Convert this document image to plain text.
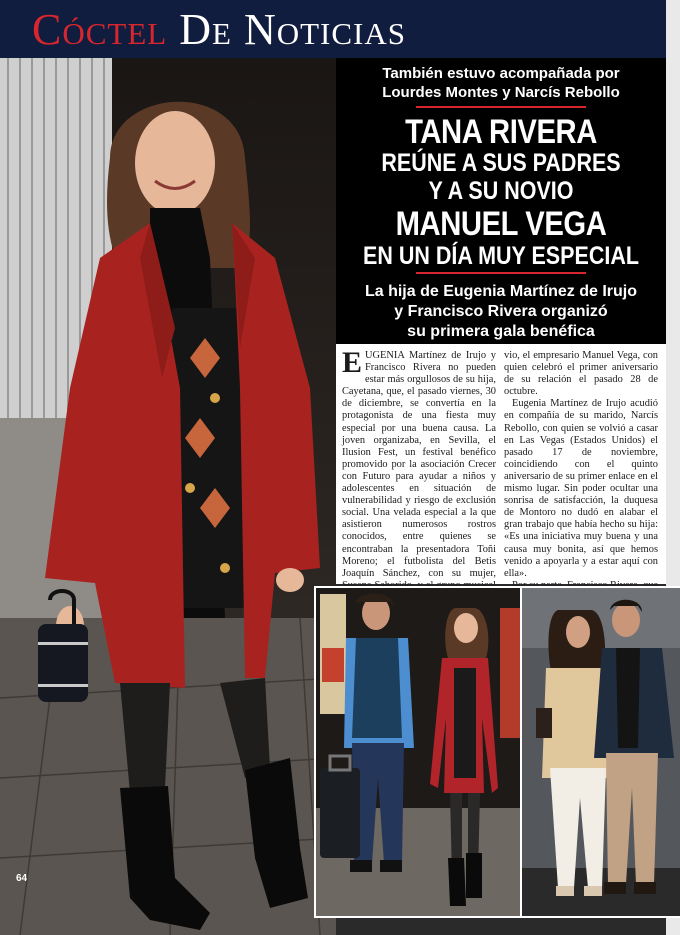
Cóctel De Noticias
También estuvo acompañada por
Lourdes Montes y Narcís Rebollo
TANA RIVERA
REÚNE A SUS PADRES
Y A SU NOVIO
MANUEL VEGA
EN UN DÍA MUY ESPECIAL
La hija de Eugenia Martínez de Irujo
y Francisco Rivera organizó
su primera gala benéfica

EUGENIA Martínez de Irujo y Francisco Rivera no pueden estar más orgullosos de su hija, Cayetana, que, el pasado viernes, 30 de diciembre, se convertía en la protagonista de una fiesta muy especial por una buena causa. La joven organizaba, en Sevilla, el Ilusion Fest, un festival benéfico promovido por la asociación Crecer con Futuro para ayudar a niños y adolescentes en situación de vulnerabilidad y riesgo de exclusión social. Una velada especial a la que asistieron numerosos rostros conocidos, entre quienes se encontraban la presentadora Toñi Moreno; el futbolista del Betis Joaquín Sánchez, con su mujer,

vio, el empresario Manuel Vega, con quien celebró el primer aniversario de su relación el pasado 28 de octubre.

Eugenia Martínez de Irujo acudió en compañía de su marido, Narcís Rebollo, con quien se volvió a casar en Las Vegas (Estados Unidos) el pasado 17 de noviembre, coincidiendo con el quinto aniversario de su primer enlace en el mismo lugar. Sin poder ocultar una sonrisa de satisfacción, la duquesa de Montoro no dudó en alabar el gran trabajo que había hecho su hija: «Es una iniciativa muy buena y una causa muy bonita, así que hemos venido a apoyarla y a estar aquí con ella».

64
